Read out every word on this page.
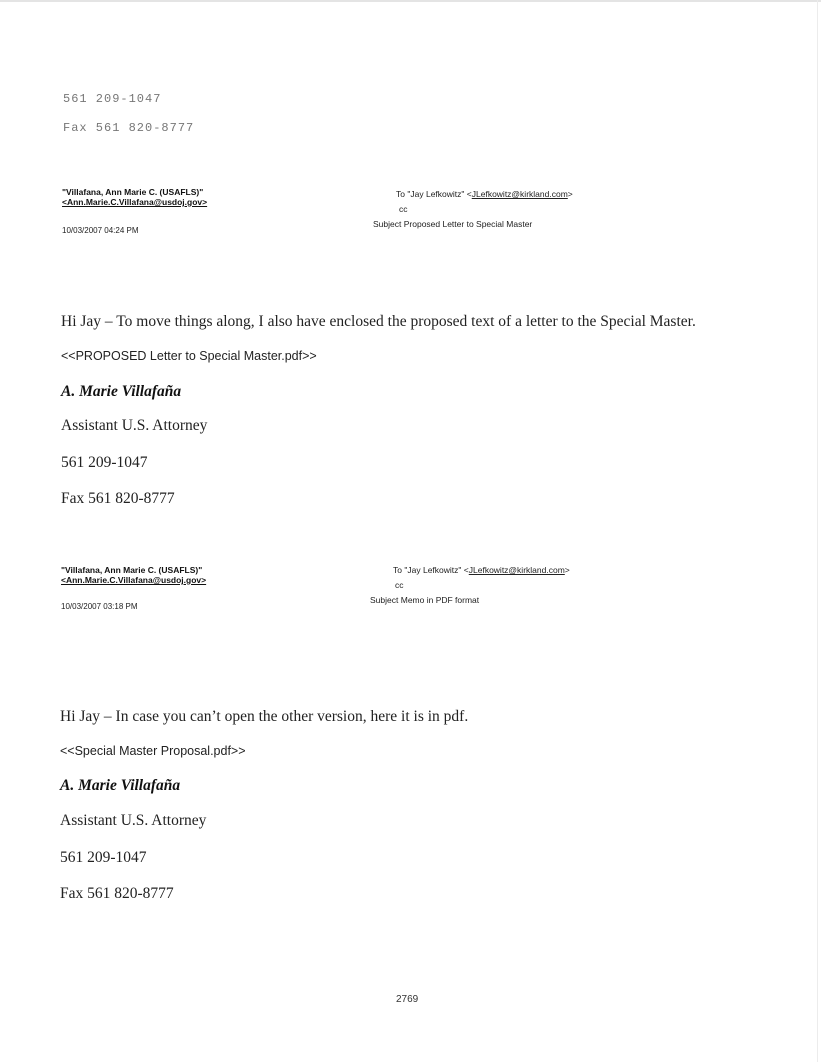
561 209-1047
Fax 561 820-8777
"Villafana, Ann Marie C. (USAFLS)"
<Ann.Marie.C.Villafana@usdoj.gov>
10/03/2007 04:24 PM
To "Jay Lefkowitz" <JLefkowitz@kirkland.com>
cc
Subject Proposed Letter to Special Master
Hi Jay – To move things along, I also have enclosed the proposed text of a letter to the Special Master.
<<PROPOSED Letter to Special Master.pdf>>
A. Marie Villafaña
Assistant U.S. Attorney
561 209-1047
Fax 561 820-8777
"Villafana, Ann Marie C. (USAFLS)"
<Ann.Marie.C.Villafana@usdoj.gov>
10/03/2007 03:18 PM
To "Jay Lefkowitz" <JLefkowitz@kirkland.com>
cc
Subject Memo in PDF format
Hi Jay – In case you can’t open the other version, here it is in pdf.
<<Special Master Proposal.pdf>>
A. Marie Villafaña
Assistant U.S. Attorney
561 209-1047
Fax 561 820-8777
2769
